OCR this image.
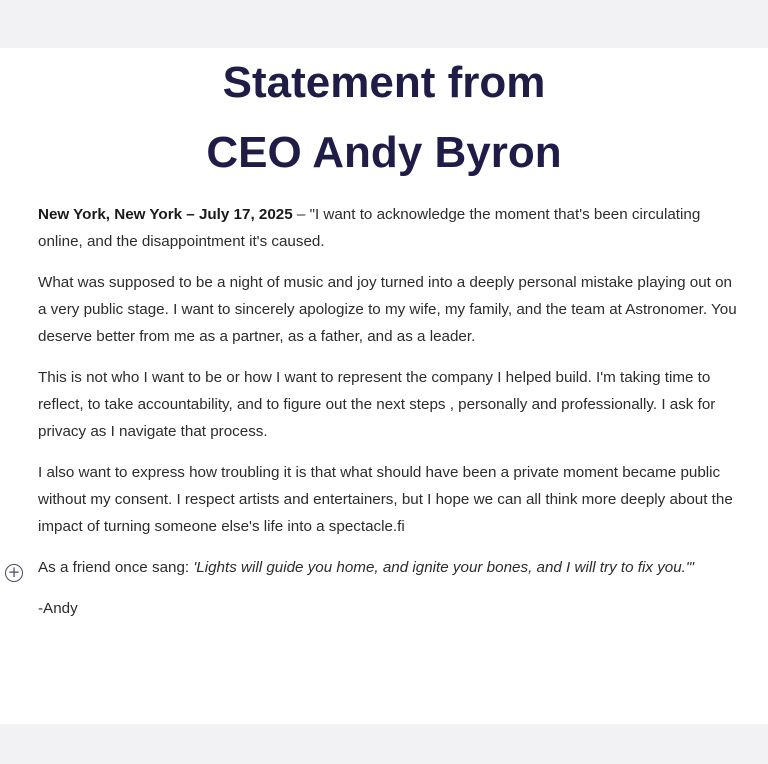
Statement from
CEO Andy Byron

New York, New York – July 17, 2025 – "I want to acknowledge the moment that's been circulating online, and the disappointment it's caused.

What was supposed to be a night of music and joy turned into a deeply personal mistake playing out on a very public stage. I want to sincerely apologize to my wife, my family, and the team at Astronomer. You deserve better from me as a partner, as a father, and as a leader.

This is not who I want to be or how I want to represent the company I helped build. I'm taking time to reflect, to take accountability, and to figure out the next steps , personally and professionally. I ask for privacy as I navigate that process.

I also want to express how troubling it is that what should have been a private moment became public without my consent. I respect artists and entertainers, but I hope we can all think more deeply about the impact of turning someone else's life into a spectacle.fi

As a friend once sang: 'Lights will guide you home, and ignite your bones, and I will try to fix you."'

-Andy

+
